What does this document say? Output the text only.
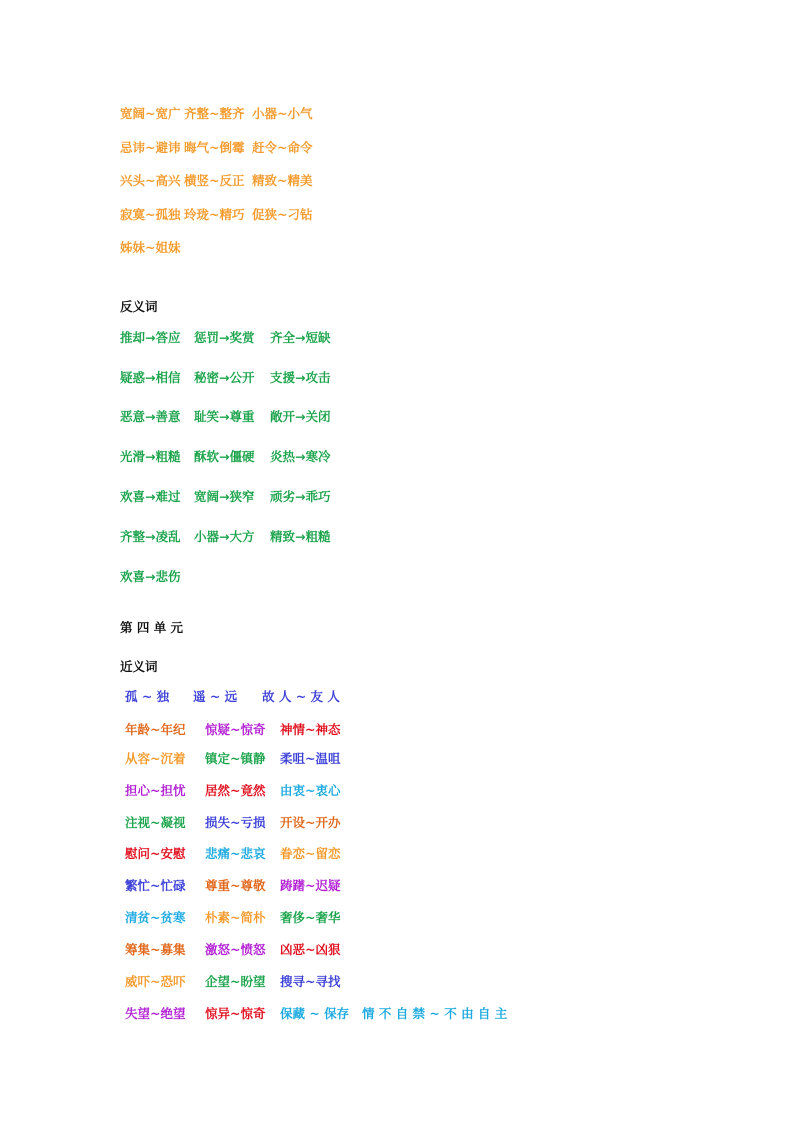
宽阔~宽广 齐整~整齐 小器~小气
忌讳~避讳 晦气~倒霉 赶令~命令
兴头~高兴 横竖~反正 精致~精美
寂寞~孤独 玲珑~精巧 促狭~刁钻
姊妹~姐妹
反义词
推却→答应 惩罚→奖赏 齐全→短缺
疑惑→相信 秘密→公开 支援→攻击
恶意→善意 耻笑→尊重 敞开→关闭
光滑→粗糙 酥软→僵硬 炎热→寒冷
欢喜→难过 宽阔→狭窄 顽劣→乖巧
齐整→凌乱 小器→大方 精致→粗糙
欢喜→悲伤
第 四 单 元
近义词
孤 ~ 独 遥 ~ 远 故 人 ~ 友 人
年龄~年纪 惊疑~惊奇 神情~神态
从容~沉着 镇定~镇静 柔咀~温咀
担心~担忧 居然~竟然 由衷~衷心
注视~凝视 损失~亏损 开设~开办
慰问~安慰 悲痛~悲哀 眷恋~留恋
繁忙~忙碌 尊重~尊敬 踌躇~迟疑
清贫~贫寒 朴素~简朴 奢侈~奢华
筹集~募集 激怒~愤怒 凶恶~凶狠
威吓~恐吓 企望~盼望 搜寻~寻找
失望~绝望 惊异~惊奇 保藏 ~ 保存 情 不 自 禁 ~ 不 由 自 主
